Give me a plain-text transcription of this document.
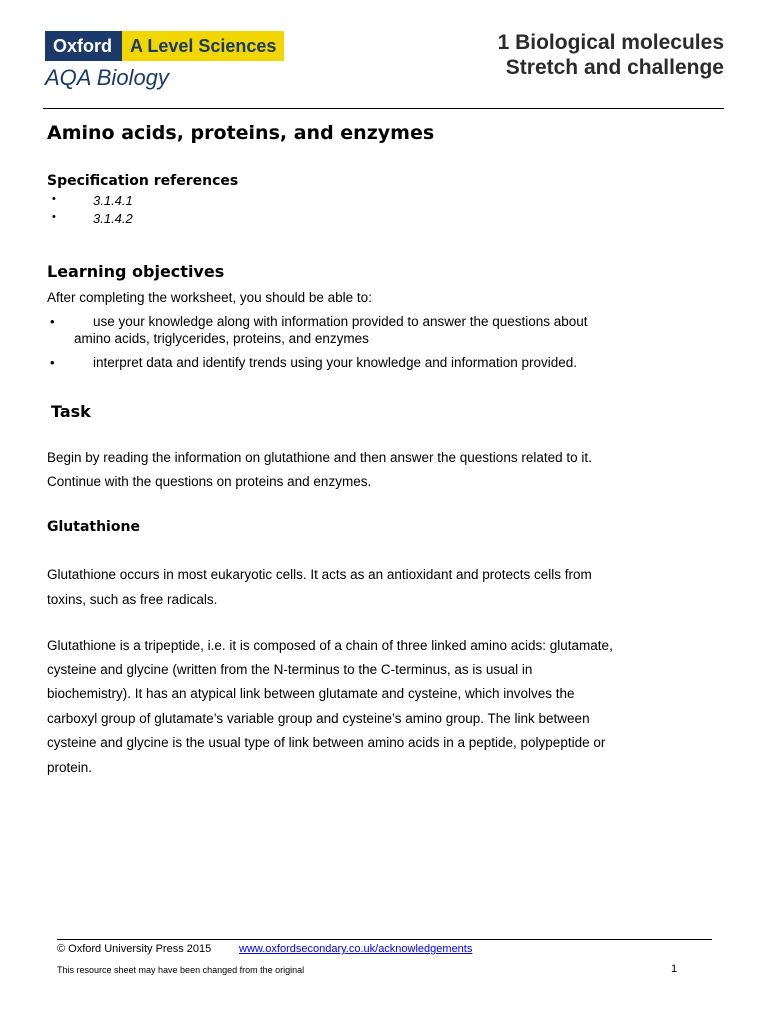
Oxford	A Level Sciences
AQA Biology
1 Biological molecules
Stretch and challenge
Amino acids, proteins, and enzymes
Specification references
•	3.1.4.1
•	3.1.4.2
Learning objectives
After completing the worksheet, you should be able to:
•	use your knowledge along with information provided to answer the questions about
amino acids, triglycerides, proteins, and enzymes
•	interpret data and identify trends using your knowledge and information provided.
Task
Begin by reading the information on glutathione and then answer the questions related to it.
Continue with the questions on proteins and enzymes.
Glutathione
Glutathione occurs in most eukaryotic cells. It acts as an antioxidant and protects cells from
toxins, such as free radicals.
Glutathione is a tripeptide, i.e. it is composed of a chain of three linked amino acids: glutamate,
cysteine and glycine (written from the N-terminus to the C-terminus, as is usual in
biochemistry). It has an atypical link between glutamate and cysteine, which involves the
carboxyl group of glutamate’s variable group and cysteine’s amino group. The link between
cysteine and glycine is the usual type of link between amino acids in a peptide, polypeptide or
protein.
© Oxford University Press 2015	www.oxfordsecondary.co.uk/acknowledgements
This resource sheet may have been changed from the original	1
